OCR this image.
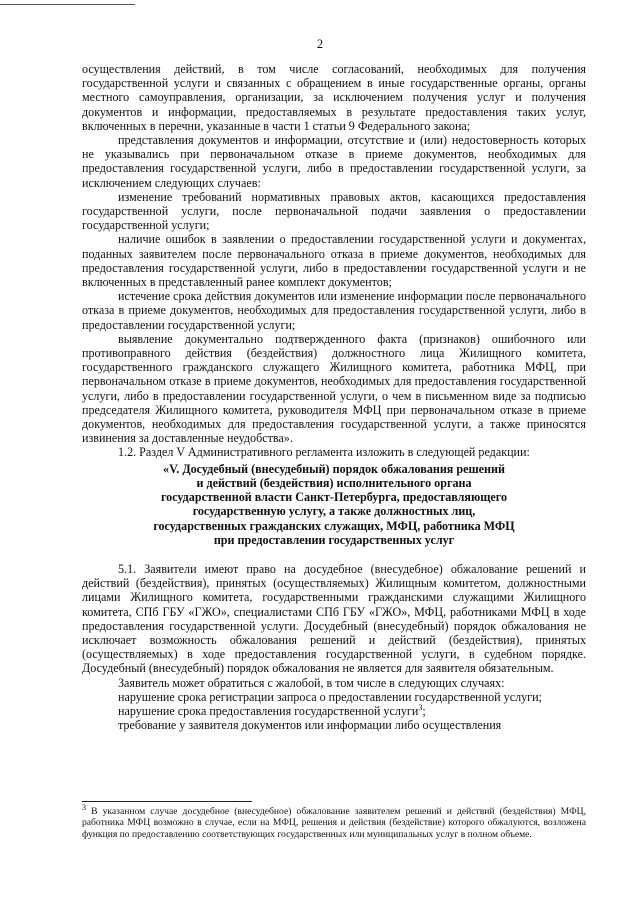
2

осуществления действий, в том числе согласований, необходимых для получения государственной услуги и связанных с обращением в иные государственные органы, органы местного самоуправления, организации, за исключением получения услуг и получения документов и информации, предоставляемых в результате предоставления таких услуг, включенных в перечни, указанные в части 1 статьи 9 Федерального закона;

представления документов и информации, отсутствие и (или) недостоверность которых не указывались при первоначальном отказе в приеме документов, необходимых для предоставления государственной услуги, либо в предоставлении государственной услуги, за исключением следующих случаев:

изменение требований нормативных правовых актов, касающихся предоставления государственной услуги, после первоначальной подачи заявления о предоставлении государственной услуги;

наличие ошибок в заявлении о предоставлении государственной услуги и документах, поданных заявителем после первоначального отказа в приеме документов, необходимых для предоставления государственной услуги, либо в предоставлении государственной услуги и не включенных в представленный ранее комплект документов;

истечение срока действия документов или изменение информации после первоначального отказа в приеме документов, необходимых для предоставления государственной услуги, либо в предоставлении государственной услуги;

выявление документально подтвержденного факта (признаков) ошибочного или противоправного действия (бездействия) должностного лица Жилищного комитета, государственного гражданского служащего Жилищного комитета, работника МФЦ, при первоначальном отказе в приеме документов, необходимых для предоставления государственной услуги, либо в предоставлении государственной услуги, о чем в письменном виде за подписью председателя Жилищного комитета, руководителя МФЦ при первоначальном отказе в приеме документов, необходимых для предоставления государственной услуги, а также приносятся извинения за доставленные неудобства».

1.2. Раздел V Административного регламента изложить в следующей редакции:

«V. Досудебный (внесудебный) порядок обжалования решений
и действий (бездействия) исполнительного органа
государственной власти Санкт-Петербурга, предоставляющего
государственную услугу, а также должностных лиц,
государственных гражданских служащих, МФЦ, работника МФЦ
при предоставлении государственных услуг

5.1. Заявители имеют право на досудебное (внесудебное) обжалование решений и действий (бездействия), принятых (осуществляемых) Жилищным комитетом, должностными лицами Жилищного комитета, государственными гражданскими служащими Жилищного комитета, СПб ГБУ «ГЖО», специалистами СПб ГБУ «ГЖО», МФЦ, работниками МФЦ в ходе предоставления государственной услуги. Досудебный (внесудебный) порядок обжалования не исключает возможность обжалования решений и действий (бездействия), принятых (осуществляемых) в ходе предоставления государственной услуги, в судебном порядке. Досудебный (внесудебный) порядок обжалования не является для заявителя обязательным.

Заявитель может обратиться с жалобой, в том числе в следующих случаях:

нарушение срока регистрации запроса о предоставлении государственной услуги;

нарушение срока предоставления государственной услуги$^3$;

требование у заявителя документов или информации либо осуществления

$^3$ В указанном случае досудебное (внесудебное) обжалование заявителем решений и действий (бездействия) МФЦ, работника МФЦ возможно в случае, если на МФЦ, решения и действия (бездействие) которого обжалуются, возложена функция по предоставлению соответствующих государственных или муниципальных услуг в полном объеме.
